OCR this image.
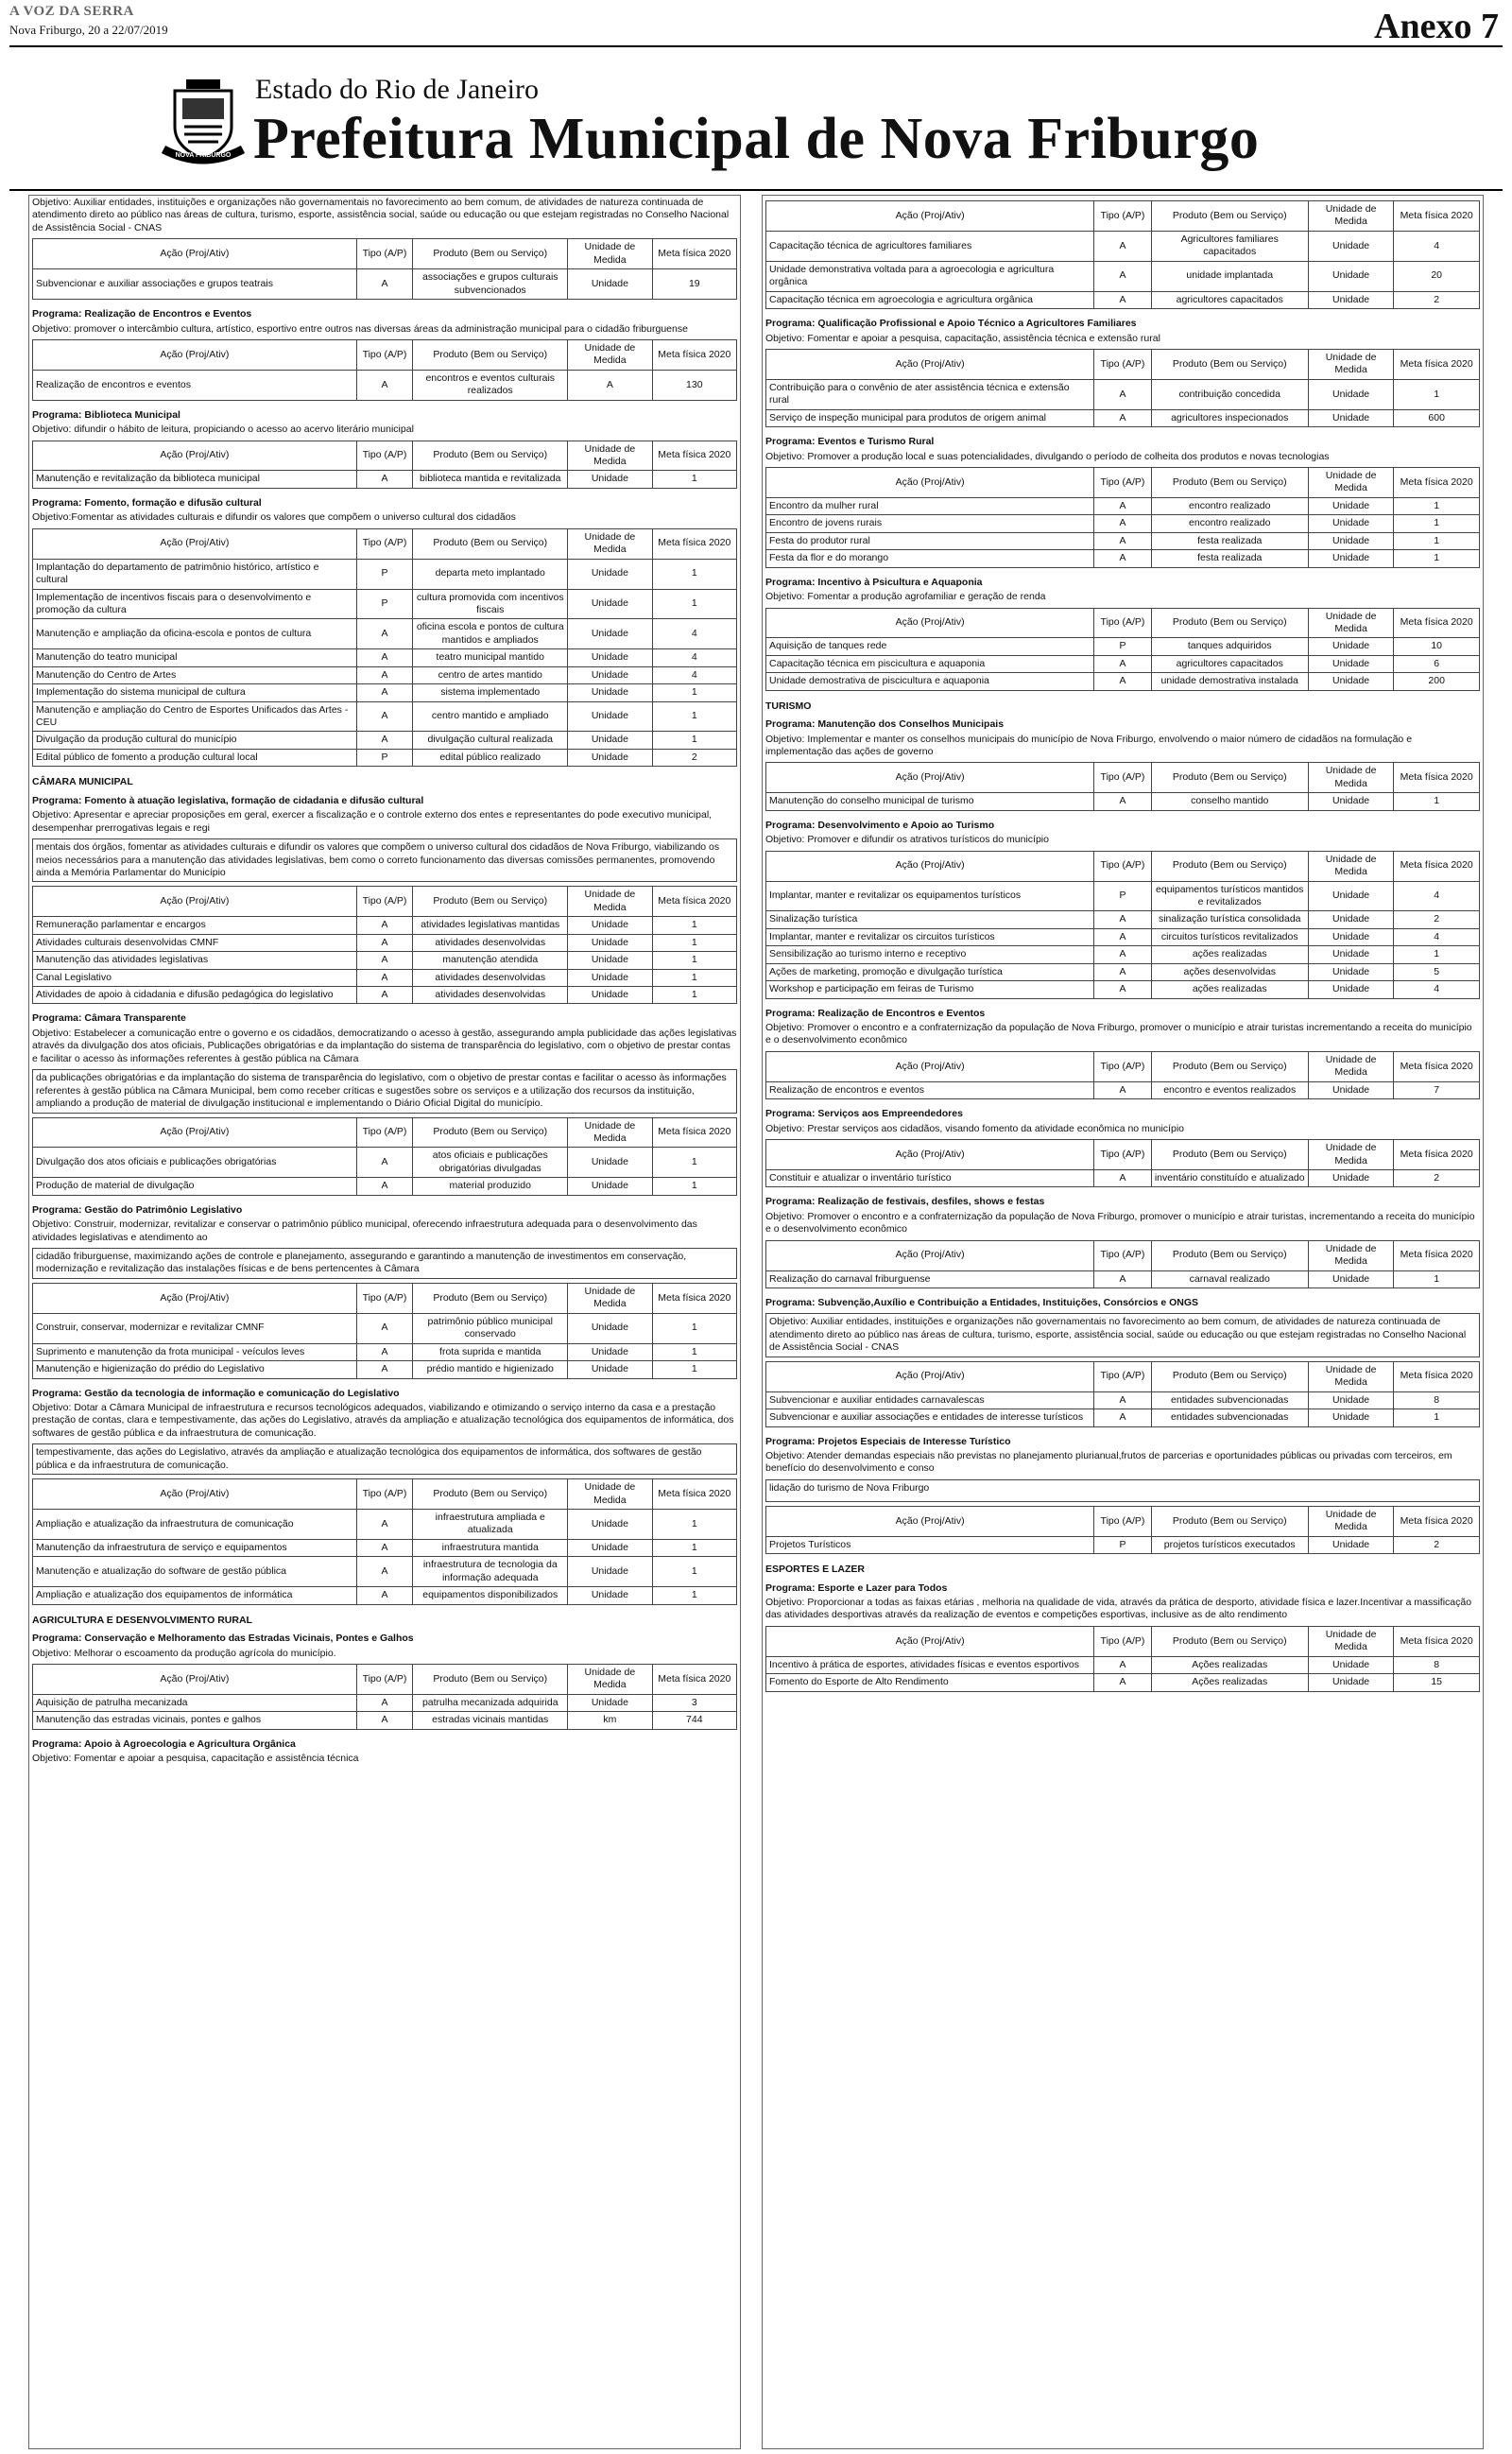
A VOZ DA SERRA
Nova Friburgo, 20 a 22/07/2019	Anexo 7
NOVA FRIBURGO
Estado do Rio de Janeiro
Prefeitura Municipal de Nova Friburgo
Objetivo: Auxiliar entidades, instituições e organizações não governamentais no favorecimento ao bem comum, de atividades de natureza continuada de atendimento direto ao público nas áreas de cultura, turismo, esporte, assistência social, saúde ou educação ou que estejam registradas no Conselho Nacional de Assistência Social - CNAS
Ação (Proj/Ativ)	Tipo (A/P)	Produto (Bem ou Serviço)	Unidade de Medida	Meta física 2020
Subvencionar e auxiliar associações e grupos teatrais	A	associações e grupos culturais subvencionados	Unidade	19
Programa: Realização de Encontros e Eventos
Objetivo: promover o intercâmbio cultura, artístico, esportivo entre outros nas diversas áreas da administração municipal para o cidadão friburguense
Ação (Proj/Ativ)	Tipo (A/P)	Produto (Bem ou Serviço)	Unidade de Medida	Meta física 2020
Realização de encontros e eventos	A	encontros e eventos culturais realizados	A	130
Programa: Biblioteca Municipal
Objetivo: difundir o hábito de leitura, propiciando o acesso ao acervo literário municipal
Ação (Proj/Ativ)	Tipo (A/P)	Produto (Bem ou Serviço)	Unidade de Medida	Meta física 2020
Manutenção e revitalização da biblioteca municipal	A	biblioteca mantida e revitalizada	Unidade	1
Programa: Fomento, formação e difusão cultural
Objetivo:Fomentar as atividades culturais e difundir os valores que compõem o universo cultural dos cidadãos
Ação (Proj/Ativ)	Tipo (A/P)	Produto (Bem ou Serviço)	Unidade de Medida	Meta física 2020
Implantação do departamento de patrimônio histórico, artístico e cultural	P	departa meto implantado	Unidade	1
Implementação de incentivos fiscais para o desenvolvimento e promoção da cultura	P	cultura promovida com incentivos fiscais	Unidade	1
Manutenção e ampliação da oficina-escola e pontos de cultura	A	oficina escola e pontos de cultura mantidos e ampliados	Unidade	4
Manutenção do teatro municipal	A	teatro municipal mantido	Unidade	4
Manutenção do Centro de Artes	A	centro de artes mantido	Unidade	4
Implementação do sistema municipal de cultura	A	sistema implementado	Unidade	1
Manutenção e ampliação do Centro de Esportes Unificados das Artes - CEU	A	centro mantido e ampliado	Unidade	1
Divulgação da produção cultural do município	A	divulgação cultural realizada	Unidade	1
Edital público de fomento a produção cultural local	P	edital público realizado	Unidade	2
CÂMARA MUNICIPAL
Programa: Fomento à atuação legislativa, formação de cidadania e difusão cultural
Objetivo: Apresentar e apreciar proposições em geral, exercer a fiscalização e o controle externo dos entes e representantes do pode executivo municipal, desempenhar prerrogativas legais e regi
mentais dos órgãos, fomentar as atividades culturais e difundir os valores que compõem o universo cultural dos cidadãos de Nova Friburgo, viabilizando os meios necessários para a manutenção das atividades legislativas, bem como o correto funcionamento das diversas comissões permanentes, promovendo ainda a Memória Parlamentar do Município
Ação (Proj/Ativ)	Tipo (A/P)	Produto (Bem ou Serviço)	Unidade de Medida	Meta física 2020
Remuneração parlamentar e encargos	A	atividades legislativas mantidas	Unidade	1
Atividades culturais desenvolvidas CMNF	A	atividades desenvolvidas	Unidade	1
Manutenção das atividades legislativas	A	manutenção atendida	Unidade	1
Canal Legislativo	A	atividades desenvolvidas	Unidade	1
Atividades de apoio à cidadania e difusão pedagógica do legislativo	A	atividades desenvolvidas	Unidade	1
Programa: Câmara Transparente
Objetivo: Estabelecer a comunicação entre o governo e os cidadãos, democratizando o acesso à gestão, assegurando ampla publicidade das ações legislativas através da divulgação dos atos oficiais, Publicações obrigatórias e da implantação do sistema de transparência do legislativo, com o objetivo de prestar contas e facilitar o acesso às informações referentes à gestão pública na Câmara
da publicações obrigatórias e da implantação do sistema de transparência do legislativo, com o objetivo de prestar contas e facilitar o acesso às informações referentes à gestão pública na Câmara Municipal, bem como receber críticas e sugestões sobre os serviços e a utilização dos recursos da instituição, ampliando a produção de material de divulgação institucional e implementando o Diário Oficial Digital do município.
Ação (Proj/Ativ)	Tipo (A/P)	Produto (Bem ou Serviço)	Unidade de Medida	Meta física 2020
Divulgação dos atos oficiais e publicações obrigatórias	A	atos oficiais e publicações obrigatórias divulgadas	Unidade	1
Produção de material de divulgação	A	material produzido	Unidade	1
Programa: Gestão do Patrimônio Legislativo
Objetivo: Construir, modernizar, revitalizar e conservar o patrimônio público municipal, oferecendo infraestrutura adequada para o desenvolvimento das atividades legislativas e atendimento ao
cidadão friburguense, maximizando ações de controle e planejamento, assegurando e garantindo a manutenção de investimentos em conservação, modernização e revitalização das instalações físicas e de bens pertencentes à Câmara
Ação (Proj/Ativ)	Tipo (A/P)	Produto (Bem ou Serviço)	Unidade de Medida	Meta física 2020
Construir, conservar, modernizar e revitalizar CMNF	A	patrimônio público municipal conservado	Unidade	1
Suprimento e manutenção da frota municipal - veículos leves	A	frota suprida e mantida	Unidade	1
Manutenção e higienização do prédio do Legislativo	A	prédio mantido e higienizado	Unidade	1
Programa: Gestão da tecnologia de informação e comunicação do Legislativo
Objetivo: Dotar a Câmara Municipal de infraestrutura e recursos tecnológicos adequados, viabilizando e otimizando o serviço interno da casa e a prestação prestação de contas, clara e tempestivamente, das ações do Legislativo, através da ampliação e atualização tecnológica dos equipamentos de informática, dos softwares de gestão pública e da infraestrutura de comunicação.
tempestivamente, das ações do Legislativo, através da ampliação e atualização tecnológica dos equipamentos de informática, dos softwares de gestão pública e da infraestrutura de comunicação.
Ação (Proj/Ativ)	Tipo (A/P)	Produto (Bem ou Serviço)	Unidade de Medida	Meta física 2020
Ampliação e atualização da infraestrutura de comunicação	A	infraestrutura ampliada e atualizada	Unidade	1
Manutenção da infraestrutura de serviço e equipamentos	A	infraestrutura mantida	Unidade	1
Manutenção e atualização do software de gestão pública	A	infraestrutura de tecnologia da informação adequada	Unidade	1
Ampliação e atualização dos equipamentos de informática	A	equipamentos disponibilizados	Unidade	1
AGRICULTURA E DESENVOLVIMENTO RURAL
Programa: Conservação e Melhoramento das Estradas Vicinais, Pontes e Galhos
Objetivo: Melhorar o escoamento da produção agrícola do município.
Ação (Proj/Ativ)	Tipo (A/P)	Produto (Bem ou Serviço)	Unidade de Medida	Meta física 2020
Aquisição de patrulha mecanizada	A	patrulha mecanizada adquirida	Unidade	3
Manutenção das estradas vicinais, pontes e galhos	A	estradas vicinais mantidas	km	744
Programa: Apoio à Agroecologia e Agricultura Orgânica
Objetivo: Fomentar e apoiar a pesquisa, capacitação e assistência técnica
Ação (Proj/Ativ)	Tipo (A/P)	Produto (Bem ou Serviço)	Unidade de Medida	Meta física 2020
Capacitação técnica de agricultores familiares	A	Agricultores familiares capacitados	Unidade	4
Unidade demonstrativa voltada para a agroecologia e agricultura orgânica	A	unidade implantada	Unidade	20
Capacitação técnica em agroecologia e agricultura orgânica	A	agricultores capacitados	Unidade	2
Programa: Qualificação Profissional e Apoio Técnico a Agricultores Familiares
Objetivo: Fomentar e apoiar a pesquisa, capacitação, assistência técnica e extensão rural
Ação (Proj/Ativ)	Tipo (A/P)	Produto (Bem ou Serviço)	Unidade de Medida	Meta física 2020
Contribuição para o convênio de ater assistência técnica e extensão rural	A	contribuição concedida	Unidade	1
Serviço de inspeção municipal para produtos de origem animal	A	agricultores inspecionados	Unidade	600
Programa: Eventos e Turismo Rural
Objetivo: Promover a produção local e suas potencialidades, divulgando o período de colheita dos produtos e novas tecnologias
Ação (Proj/Ativ)	Tipo (A/P)	Produto (Bem ou Serviço)	Unidade de Medida	Meta física 2020
Encontro da mulher rural	A	encontro realizado	Unidade	1
Encontro de jovens rurais	A	encontro realizado	Unidade	1
Festa do produtor rural	A	festa realizada	Unidade	1
Festa da flor e do morango	A	festa realizada	Unidade	1
Programa: Incentivo à Psicultura e Aquaponia
Objetivo: Fomentar a produção agrofamiliar e geração de renda
Ação (Proj/Ativ)	Tipo (A/P)	Produto (Bem ou Serviço)	Unidade de Medida	Meta física 2020
Aquisição de tanques rede	P	tanques adquiridos	Unidade	10
Capacitação técnica em piscicultura e aquaponia	A	agricultores capacitados	Unidade	6
Unidade demostrativa de piscicultura e aquaponia	A	unidade demostrativa instalada	Unidade	200
TURISMO
Programa: Manutenção dos Conselhos Municipais
Objetivo: Implementar e manter os conselhos municipais do município de Nova Friburgo, envolvendo o maior número de cidadãos na formulação e implementação das ações de governo
Ação (Proj/Ativ)	Tipo (A/P)	Produto (Bem ou Serviço)	Unidade de Medida	Meta física 2020
Manutenção do conselho municipal de turismo	A	conselho mantido	Unidade	1
Programa: Desenvolvimento e Apoio ao Turismo
Objetivo: Promover e difundir os atrativos turísticos do município
Ação (Proj/Ativ)	Tipo (A/P)	Produto (Bem ou Serviço)	Unidade de Medida	Meta física 2020
Implantar, manter e revitalizar os equipamentos turísticos	P	equipamentos turísticos mantidos e revitalizados	Unidade	4
Sinalização turística	A	sinalização turística consolidada	Unidade	2
Implantar, manter e revitalizar os circuitos turísticos	A	circuitos turísticos revitalizados	Unidade	4
Sensibilização ao turismo interno e receptivo	A	ações realizadas	Unidade	1
Ações de marketing, promoção e divulgação turística	A	ações desenvolvidas	Unidade	5
Workshop e participação em feiras de Turismo	A	ações realizadas	Unidade	4
Programa: Realização de Encontros e Eventos
Objetivo: Promover o encontro e a confraternização da população de Nova Friburgo, promover o município e atrair turistas incrementando a receita do município e o desenvolvimento econômico
Ação (Proj/Ativ)	Tipo (A/P)	Produto (Bem ou Serviço)	Unidade de Medida	Meta física 2020
Realização de encontros e eventos	A	encontro e eventos realizados	Unidade	7
Programa: Serviços aos Empreendedores
Objetivo: Prestar serviços aos cidadãos, visando fomento da atividade econômica no município
Ação (Proj/Ativ)	Tipo (A/P)	Produto (Bem ou Serviço)	Unidade de Medida	Meta física 2020
Constituir e atualizar o inventário turístico	A	inventário constituído e atualizado	Unidade	2
Programa: Realização de festivais, desfiles, shows e festas
Objetivo: Promover o encontro e a confraternização da população de Nova Friburgo, promover o município e atrair turistas, incrementando a receita do município e o desenvolvimento econômico
Ação (Proj/Ativ)	Tipo (A/P)	Produto (Bem ou Serviço)	Unidade de Medida	Meta física 2020
Realização do carnaval friburguense	A	carnaval realizado	Unidade	1
Programa: Subvenção,Auxílio e Contribuição a Entidades, Instituições, Consórcios e ONGS
Objetivo: Auxiliar entidades, instituições e organizações não governamentais no favorecimento ao bem comum, de atividades de natureza continuada de atendimento direto ao público nas áreas de cultura, turismo, esporte, assistência social, saúde ou educação ou que estejam registradas no Conselho Nacional de Assistência Social - CNAS
Ação (Proj/Ativ)	Tipo (A/P)	Produto (Bem ou Serviço)	Unidade de Medida	Meta física 2020
Subvencionar e auxiliar entidades carnavalescas	A	entidades subvencionadas	Unidade	8
Subvencionar e auxiliar associações e entidades de interesse turísticos	A	entidades subvencionadas	Unidade	1
Programa: Projetos Especiais de Interesse Turístico
Objetivo: Atender demandas especiais não previstas no planejamento plurianual,frutos de parcerias e oportunidades públicas ou privadas com terceiros, em benefício do desenvolvimento e conso
lidação do turismo de Nova Friburgo
Ação (Proj/Ativ)	Tipo (A/P)	Produto (Bem ou Serviço)	Unidade de Medida	Meta física 2020
Projetos Turísticos	P	projetos turísticos executados	Unidade	2
ESPORTES E LAZER
Programa: Esporte e Lazer para Todos
Objetivo: Proporcionar a todas as faixas etárias , melhoria na qualidade de vida, através da prática de desporto, atividade física e lazer.Incentivar a massificação das atividades desportivas através da realização de eventos e competições esportivas, inclusive as de alto rendimento
Ação (Proj/Ativ)	Tipo (A/P)	Produto (Bem ou Serviço)	Unidade de Medida	Meta física 2020
Incentivo à prática de esportes, atividades físicas e eventos esportivos	A	Ações realizadas	Unidade	8
Fomento do Esporte de Alto Rendimento	A	Ações realizadas	Unidade	15
